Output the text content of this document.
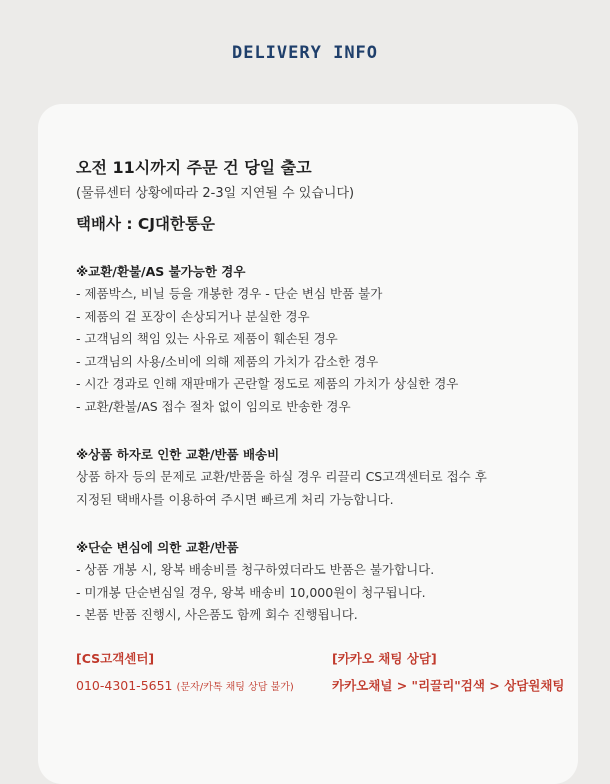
DELIVERY INFO

오전 11시까지 주문 건 당일 출고

(물류센터 상황에따라 2-3일 지연될 수 있습니다)

택배사 : CJ대한통운

※교환/환불/AS 불가능한 경우
- 제품박스, 비닐 등을 개봉한 경우 - 단순 변심 반품 불가
- 제품의 겉 포장이 손상되거나 분실한 경우
- 고객님의 책임 있는 사유로 제품이 훼손된 경우
- 고객님의 사용/소비에 의해 제품의 가치가 감소한 경우
- 시간 경과로 인해 재판매가 곤란할 정도로 제품의 가치가 상실한 경우
- 교환/환불/AS 접수 절차 없이 임의로 반송한 경우
※상품 하자로 인한 교환/반품 배송비
상품 하자 등의 문제로 교환/반품을 하실 경우 리끌리 CS고객센터로 접수 후
지정된 택배사를 이용하여 주시면 빠르게 처리 가능합니다.
※단순 변심에 의한 교환/반품
- 상품 개봉 시, 왕복 배송비를 청구하였더라도 반품은 불가합니다.
- 미개봉 단순변심일 경우, 왕복 배송비 10,000원이 청구됩니다.
- 본품 반품 진행시, 사은품도 함께 회수 진행됩니다.
[CS고객센터]
010-4301-5651 (문자/카톡 채팅 상담 불가)
[카카오 채팅 상담]
카카오채널 > "리끌리"검색 > 상담원채팅
